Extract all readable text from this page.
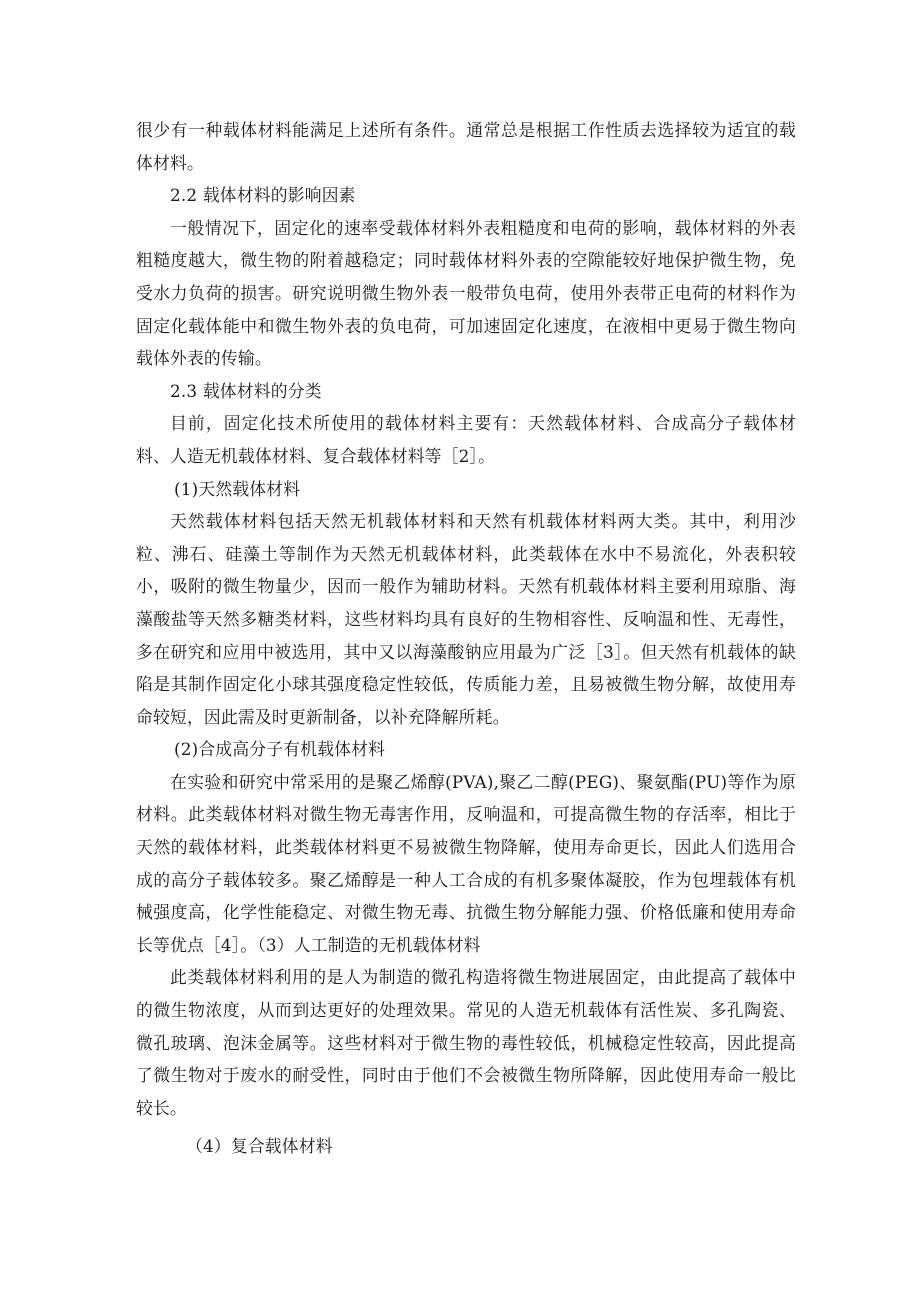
很少有一种载体材料能满足上述所有条件。通常总是根据工作性质去选择较为适宜的载体材料。

2.2 载体材料的影响因素

一般情况下，固定化的速率受载体材料外表粗糙度和电荷的影响，载体材料的外表粗糙度越大，微生物的附着越稳定；同时载体材料外表的空隙能较好地保护微生物，免受水力负荷的损害。研究说明微生物外表一般带负电荷，使用外表带正电荷的材料作为固定化载体能中和微生物外表的负电荷，可加速固定化速度，在液相中更易于微生物向载体外表的传输。

2.3 载体材料的分类

目前，固定化技术所使用的载体材料主要有：天然载体材料、合成高分子载体材料、人造无机载体材料、复合载体材料等［2］。

(1)天然载体材料

天然载体材料包括天然无机载体材料和天然有机载体材料两大类。其中，利用沙粒、沸石、硅藻土等制作为天然无机载体材料，此类载体在水中不易流化，外表积较小，吸附的微生物量少，因而一般作为辅助材料。天然有机载体材料主要利用琼脂、海藻酸盐等天然多糖类材料，这些材料均具有良好的生物相容性、反响温和性、无毒性，多在研究和应用中被选用，其中又以海藻酸钠应用最为广泛［3］。但天然有机载体的缺陷是其制作固定化小球其强度稳定性较低，传质能力差，且易被微生物分解，故使用寿命较短，因此需及时更新制备，以补充降解所耗。

(2)合成高分子有机载体材料

在实验和研究中常采用的是聚乙烯醇(PVA),聚乙二醇(PEG)、聚氨酯(PU)等作为原材料。此类载体材料对微生物无毒害作用，反响温和，可提高微生物的存活率，相比于天然的载体材料，此类载体材料更不易被微生物降解，使用寿命更长，因此人们选用合成的高分子载体较多。聚乙烯醇是一种人工合成的有机多聚体凝胶，作为包埋载体有机械强度高，化学性能稳定、对微生物无毒、抗微生物分解能力强、价格低廉和使用寿命长等优点［4］。（3）人工制造的无机载体材料

此类载体材料利用的是人为制造的微孔构造将微生物进展固定，由此提高了载体中的微生物浓度，从而到达更好的处理效果。常见的人造无机载体有活性炭、多孔陶瓷、微孔玻璃、泡沫金属等。这些材料对于微生物的毒性较低，机械稳定性较高，因此提高了微生物对于废水的耐受性，同时由于他们不会被微生物所降解，因此使用寿命一般比较长。

（4）复合载体材料
